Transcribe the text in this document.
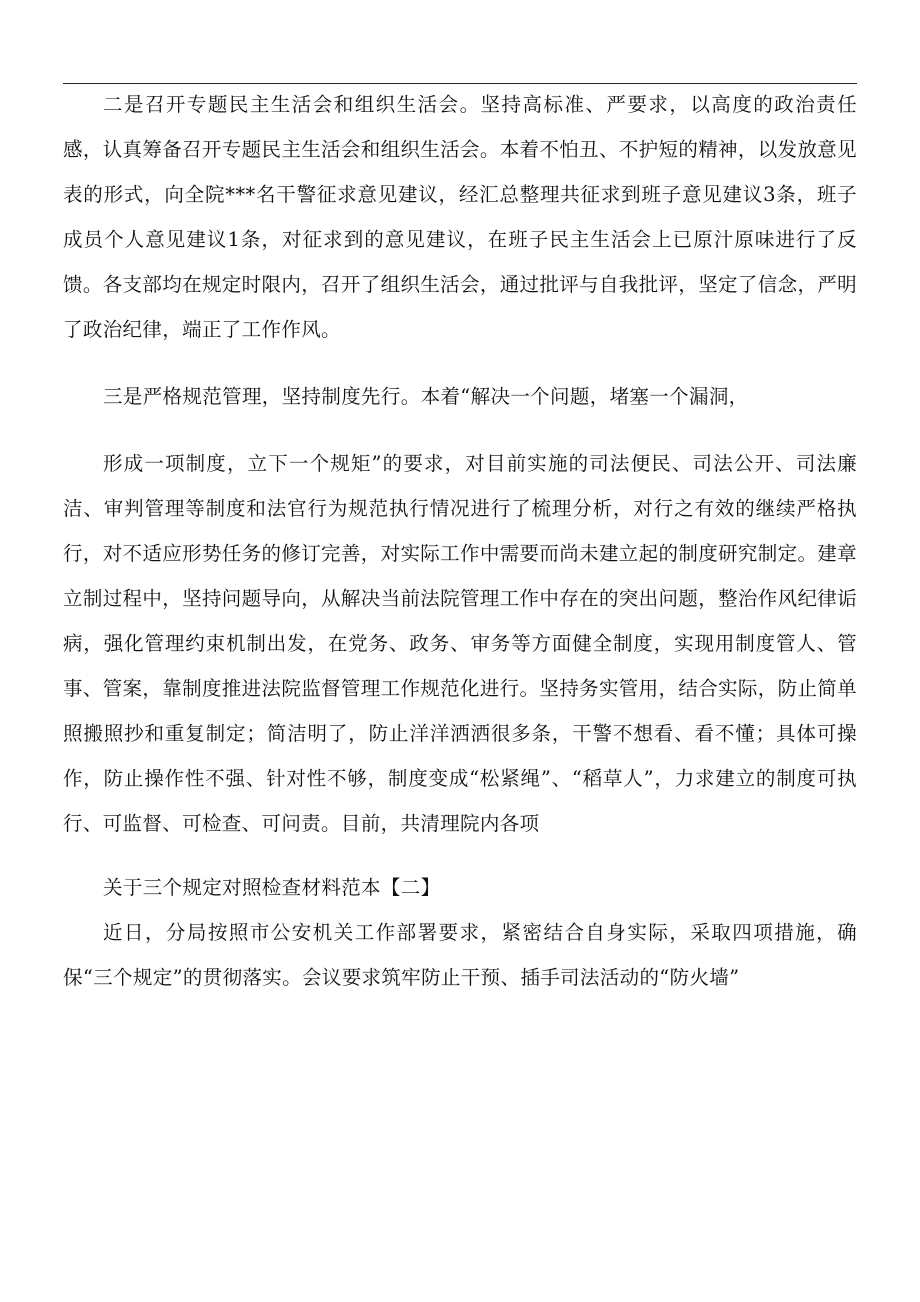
二是召开专题民主生活会和组织生活会。坚持高标准、严要求，以高度的政治责任感，认真筹备召开专题民主生活会和组织生活会。本着不怕丑、不护短的精神，以发放意见表的形式，向全院***名干警征求意见建议，经汇总整理共征求到班子意见建议3条，班子成员个人意见建议1条，对征求到的意见建议，在班子民主生活会上已原汁原味进行了反馈。各支部均在规定时限内，召开了组织生活会，通过批评与自我批评，坚定了信念，严明了政治纪律，端正了工作作风。

三是严格规范管理，坚持制度先行。本着“解决一个问题，堵塞一个漏洞，

形成一项制度，立下一个规矩”的要求，对目前实施的司法便民、司法公开、司法廉洁、审判管理等制度和法官行为规范执行情况进行了梳理分析，对行之有效的继续严格执行，对不适应形势任务的修订完善，对实际工作中需要而尚未建立起的制度研究制定。建章立制过程中，坚持问题导向，从解决当前法院管理工作中存在的突出问题，整治作风纪律诟病，强化管理约束机制出发，在党务、政务、审务等方面健全制度，实现用制度管人、管事、管案，靠制度推进法院监督管理工作规范化进行。坚持务实管用，结合实际，防止简单照搬照抄和重复制定；简洁明了，防止洋洋洒洒很多条，干警不想看、看不懂；具体可操作，防止操作性不强、针对性不够，制度变成“松紧绳”、“稻草人”，力求建立的制度可执行、可监督、可检查、可问责。目前，共清理院内各项

关于三个规定对照检查材料范本【二】

近日，分局按照市公安机关工作部署要求，紧密结合自身实际，采取四项措施，确保“三个规定”的贯彻落实。会议要求筑牢防止干预、插手司法活动的“防火墙”
